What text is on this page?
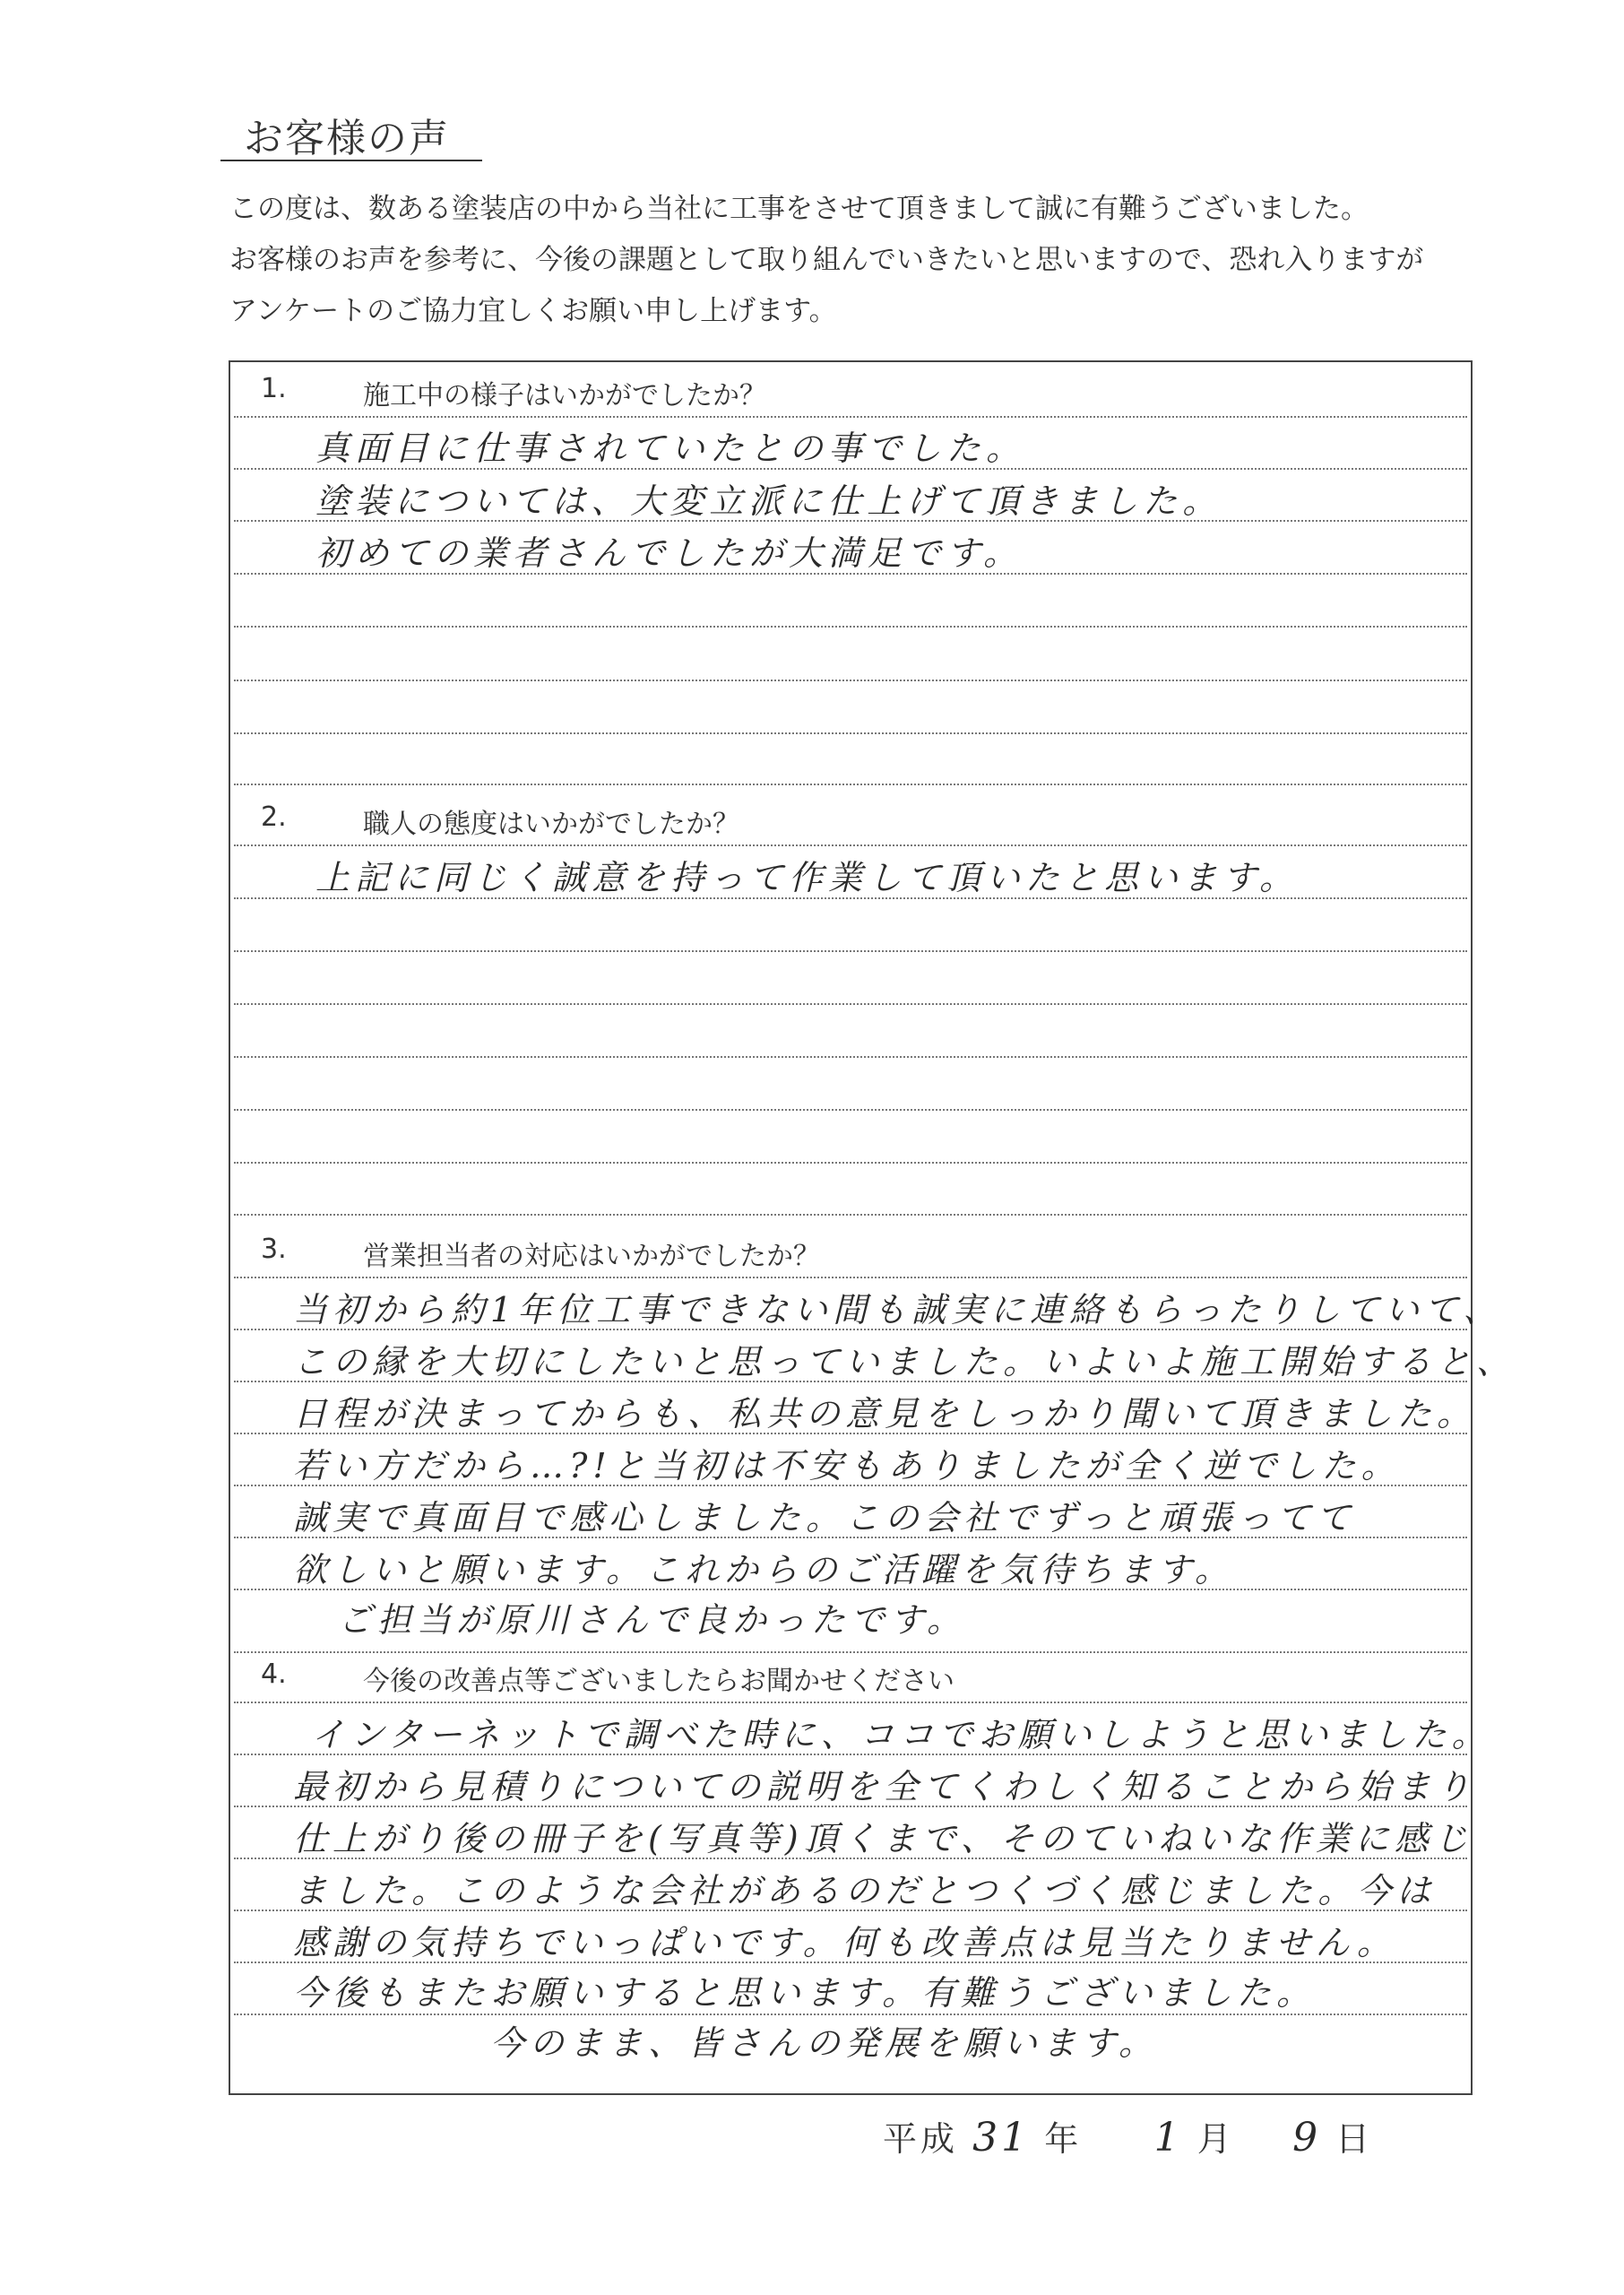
お客様の声
この度は、数ある塗装店の中から当社に工事をさせて頂きまして誠に有難うございました。
お客様のお声を参考に、今後の課題として取り組んでいきたいと思いますので、恐れ入りますが
アンケートのご協力宜しくお願い申し上げます。
1.	施工中の様子はいかがでしたか？
真面目に仕事されていたとの事でした。
塗装については、大変立派に仕上げて頂きました。
初めての業者さんでしたが大満足です。
2.	職人の態度はいかがでしたか？
上記に同じく誠意を持って作業して頂いたと思います。
3.	営業担当者の対応はいかがでしたか？
当初から約1年位工事できない間も誠実に連絡もらったりしていて、
この縁を大切にしたいと思っていました。いよいよ施工開始すると、
日程が決まってからも、私共の意見をしっかり聞いて頂きました。
若い方だから…?!と当初は不安もありましたが全く逆でした。
誠実で真面目で感心しました。この会社でずっと頑張ってて
欲しいと願います。これからのご活躍を気待ちます。
ご担当が原川さんで良かったです。
4.	今後の改善点等ございましたらお聞かせください
インターネットで調べた時に、ココでお願いしようと思いました。
最初から見積りについての説明を全てくわしく知ることから始まり
仕上がり後の冊子を(写真等)頂くまで、そのていねいな作業に感じ
ました。このような会社があるのだとつくづく感じました。今は
感謝の気持ちでいっぱいです。何も改善点は見当たりません。
今後もまたお願いすると思います。有難うございました。
今のまま、皆さんの発展を願います。
平成 31 年 1 月 9 日
